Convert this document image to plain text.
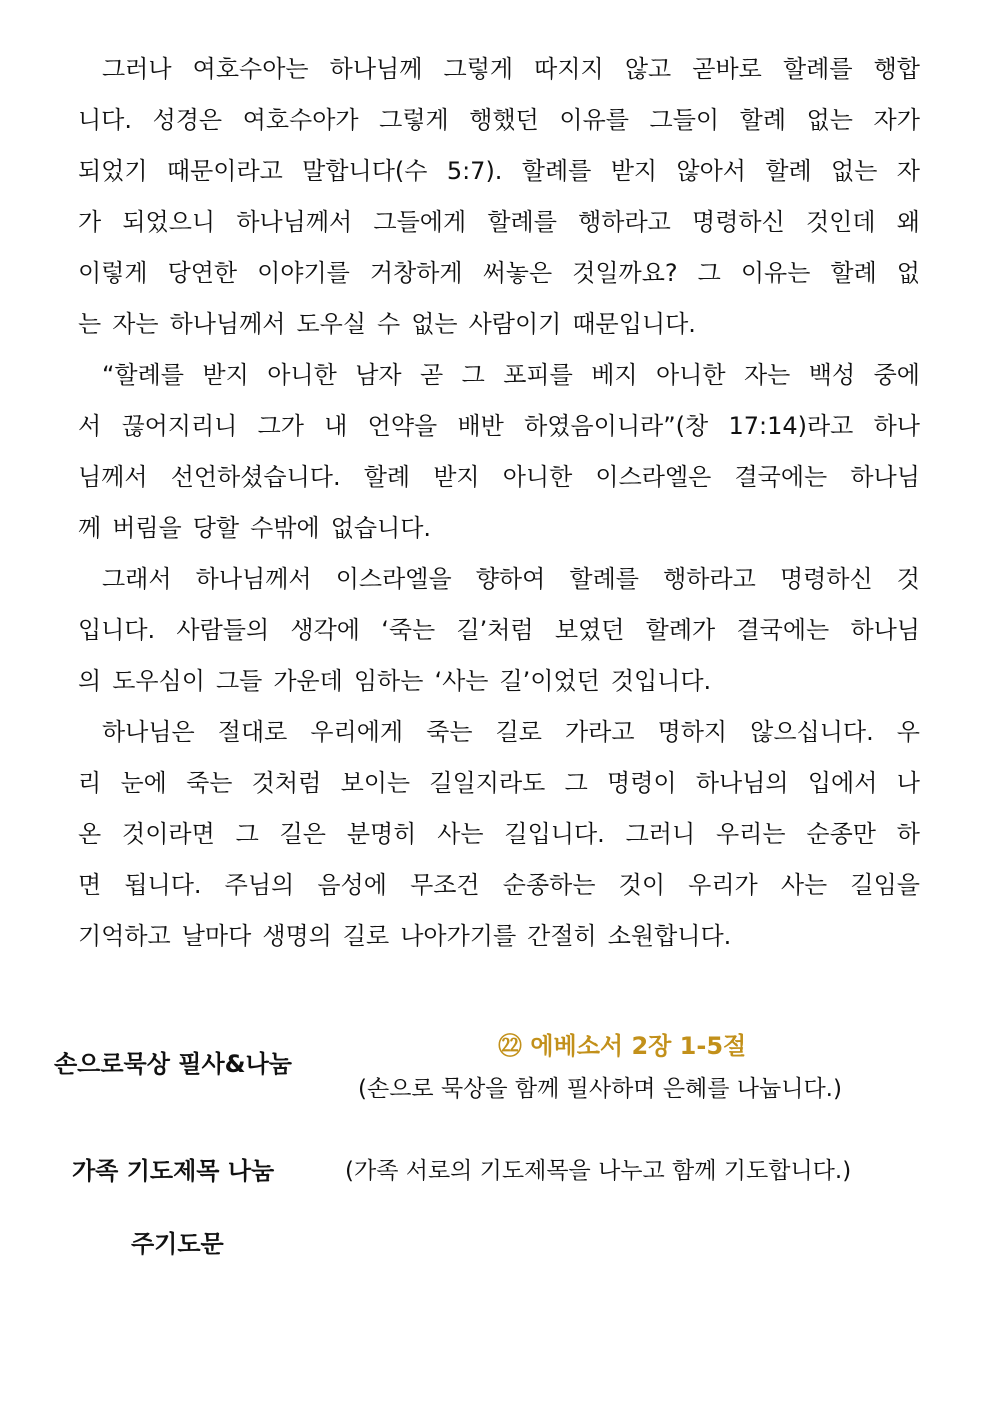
그러나 여호수아는 하나님께 그렇게 따지지 않고 곧바로 할례를 행합
니다. 성경은 여호수아가 그렇게 행했던 이유를 그들이 할례 없는 자가
되었기 때문이라고 말합니다(수 5:7). 할례를 받지 않아서 할례 없는 자
가 되었으니 하나님께서 그들에게 할례를 행하라고 명령하신 것인데 왜
이렇게 당연한 이야기를 거창하게 써놓은 것일까요? 그 이유는 할례 없
는 자는 하나님께서 도우실 수 없는 사람이기 때문입니다.
“할례를 받지 아니한 남자 곧 그 포피를 베지 아니한 자는 백성 중에
서 끊어지리니 그가 내 언약을 배반 하였음이니라”(창 17:14)라고 하나
님께서 선언하셨습니다. 할례 받지 아니한 이스라엘은 결국에는 하나님
께 버림을 당할 수밖에 없습니다.
그래서 하나님께서 이스라엘을 향하여 할례를 행하라고 명령하신 것
입니다. 사람들의 생각에 ‘죽는 길’처럼 보였던 할례가 결국에는 하나님
의 도우심이 그들 가운데 임하는 ‘사는 길’이었던 것입니다.
하나님은 절대로 우리에게 죽는 길로 가라고 명하지 않으십니다. 우
리 눈에 죽는 것처럼 보이는 길일지라도 그 명령이 하나님의 입에서 나
온 것이라면 그 길은 분명히 사는 길입니다. 그러니 우리는 순종만 하
면 됩니다. 주님의 음성에 무조건 순종하는 것이 우리가 사는 길임을
기억하고 날마다 생명의 길로 나아가기를 간절히 소원합니다.
손으로묵상 필사&나눔
㉒ 에베소서 2장 1-5절
(손으로 묵상을 함께 필사하며 은혜를 나눕니다.)
가족 기도제목 나눔	(가족 서로의 기도제목을 나누고 함께 기도합니다.)
주기도문
